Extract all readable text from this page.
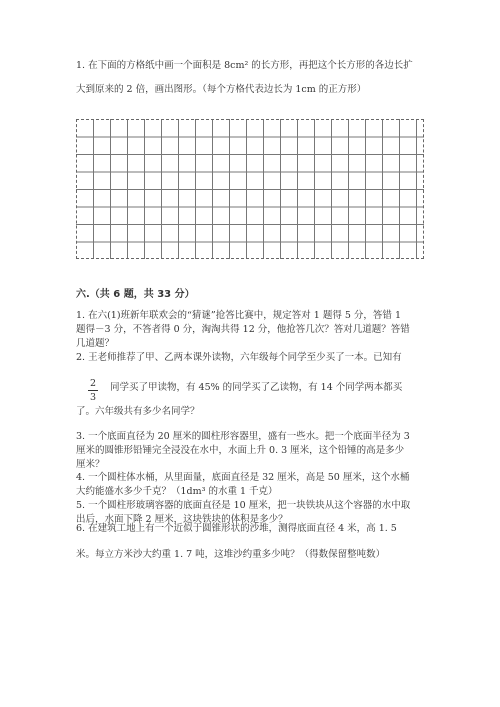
1. 在下面的方格纸中画一个面积是 8cm² 的长方形，再把这个长方形的各边长扩
大到原来的 2 倍，画出图形。（每个方格代表边长为 1cm 的正方形）
六.（共 6 题，共 33 分）
1. 在六(1)班新年联欢会的“猜谜”抢答比赛中，规定答对 1 题得 5 分，答错 1
题得－3 分，不答者得 0 分，淘淘共得 12 分，他抢答几次？答对几道题？答错
几道题？
2. 王老师推荐了甲、乙两本课外读物，六年级每个同学至少买了一本。已知有
2
3
同学买了甲读物，有 45% 的同学买了乙读物，有 14 个同学两本都买
了。六年级共有多少名同学？
3. 一个底面直径为 20 厘米的圆柱形容器里，盛有一些水。把一个底面半径为 3
厘米的圆锥形铅锤完全浸没在水中，水面上升 0. 3 厘米，这个铅锤的高是多少
厘米？
4. 一个圆柱体水桶，从里面量，底面直径是 32 厘米，高是 50 厘米，这个水桶
大约能盛水多少千克？（1dm³ 的水重 1 千克）
5. 一个圆柱形玻璃容器的底面直径是 10 厘米，把一块铁块从这个容器的水中取
出后，水面下降 2 厘米，这块铁块的体积是多少？
6. 在建筑工地上有一个近似于圆锥形状的沙堆，测得底面直径 4 米，高 1. 5
米。每立方米沙大约重 1. 7 吨，这堆沙约重多少吨？（得数保留整吨数）
